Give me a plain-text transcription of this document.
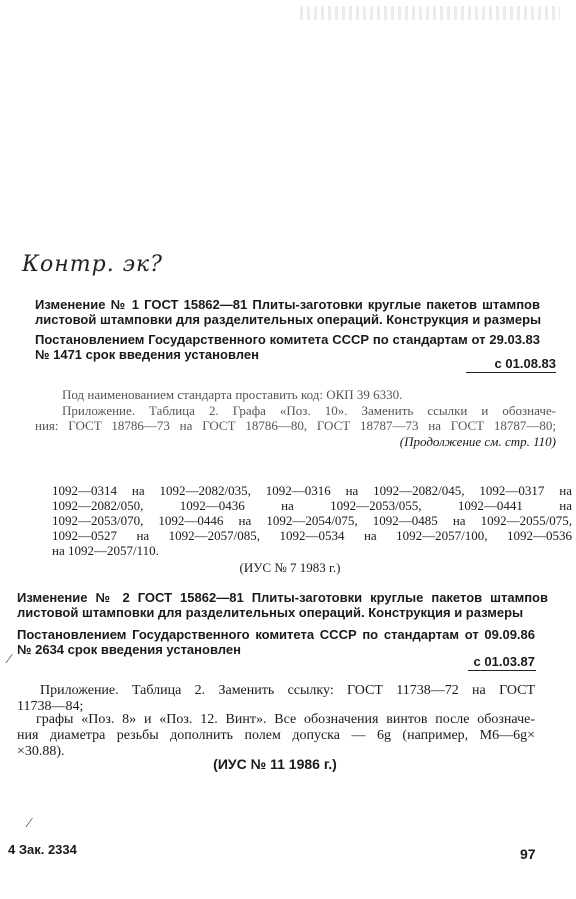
Контр. эк?
Изменение № 1 ГОСТ 15862—81 Плиты-заготовки круглые пакетов штампов
листовой штамповки для разделительных операций. Конструкция и размеры
Постановлением Государственного комитета СССР по стандартам от 29.03.83
№ 1471 срок введения установлен
с 01.08.83
Под наименованием стандарта проставить код: ОКП 39 6330.
Приложение. Таблица 2. Графа «Поз. 10». Заменить ссылки и обозначе-
ния: ГОСТ 18786—73 на ГОСТ 18786—80, ГОСТ 18787—73 на ГОСТ 18787—80;
(Продолжение см. стр. 110)
1092—0314 на 1092—2082/035, 1092—0316 на 1092—2082/045, 1092—0317 на
1092—2082/050, 1092—0436 на 1092—2053/055, 1092—0441 на
1092—2053/070, 1092—0446 на 1092—2054/075, 1092—0485 на 1092—2055/075,
1092—0527 на 1092—2057/085, 1092—0534 на 1092—2057/100, 1092—0536
на 1092—2057/110.
(ИУС № 7 1983 г.)
Изменение № 2 ГОСТ 15862—81 Плиты-заготовки круглые пакетов штампов
листовой штамповки для разделительных операций. Конструкция и размеры
Постановлением Государственного комитета СССР по стандартам от 09.09.86
№ 2634 срок введения установлен
⁄	с 01.03.87
Приложение. Таблица 2. Заменить ссылку: ГОСТ 11738—72 на ГОСТ
11738—84;
графы «Поз. 8» и «Поз. 12. Винт». Все обозначения винтов после обозначе-
ния диаметра резьбы дополнить полем допуска — 6g (например, М6—6g×
×30.88).
(ИУС № 11 1986 г.)
⁄
4 Зак. 2334	97
